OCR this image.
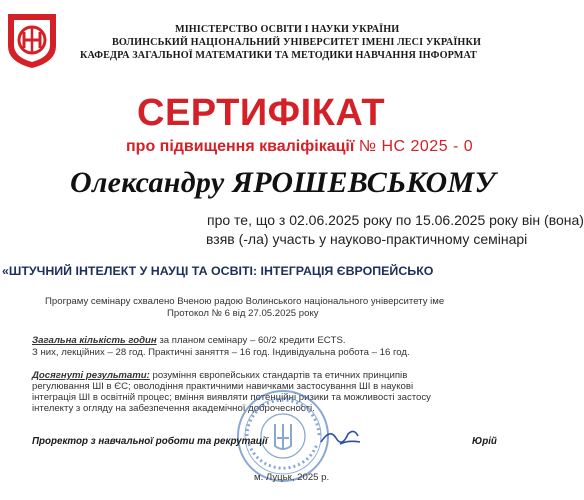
МІНІСТЕРСТВО ОСВІТИ І НАУКИ УКРАЇНИ
ВОЛИНСЬКИЙ НАЦІОНАЛЬНИЙ УНІВЕРСИТЕТ ІМЕНІ ЛЕСІ УКРАЇНКИ
КАФЕДРА ЗАГАЛЬНОЇ МАТЕМАТИКИ ТА МЕТОДИКИ НАВЧАННЯ ІНФОРМАТ
СЕРТИФІКАТ
про підвищення кваліфікації № НС 2025 - 0
Олександру ЯРОШЕВСЬКОМУ
про те, що з 02.06.2025 року по 15.06.2025 року він (вона)
взяв (-ла) участь у науково-практичному семінарі
«ШТУЧНИЙ ІНТЕЛЕКТ У НАУЦІ ТА ОСВІТІ: ІНТЕГРАЦІЯ ЄВРОПЕЙСЬКО
Програму семінару схвалено Вченою радою Волинського національного університету іме
Протокол № 6 від 27.05.2025 року
Загальна кількість годин за планом семінару – 60/2 кредити ECTS.
З них, лекційних – 28 год. Практичні заняття – 16 год. Індивідуальна робота – 16 год.
Досягнуті результати: розуміння європейських стандартів та етичних принципів
регулювання ШІ в ЄС; оволодіння практичними навичками застосування ШІ в наукові
інтеграція ШІ в освітній процес; вміння виявляти потенційні ризики та можливості застосу
інтелекту з огляду на забезпечення академічної доброчесності.
Проректор з навчальної роботи та рекрутації	Юрій
м. Луцьк, 2025 р.
